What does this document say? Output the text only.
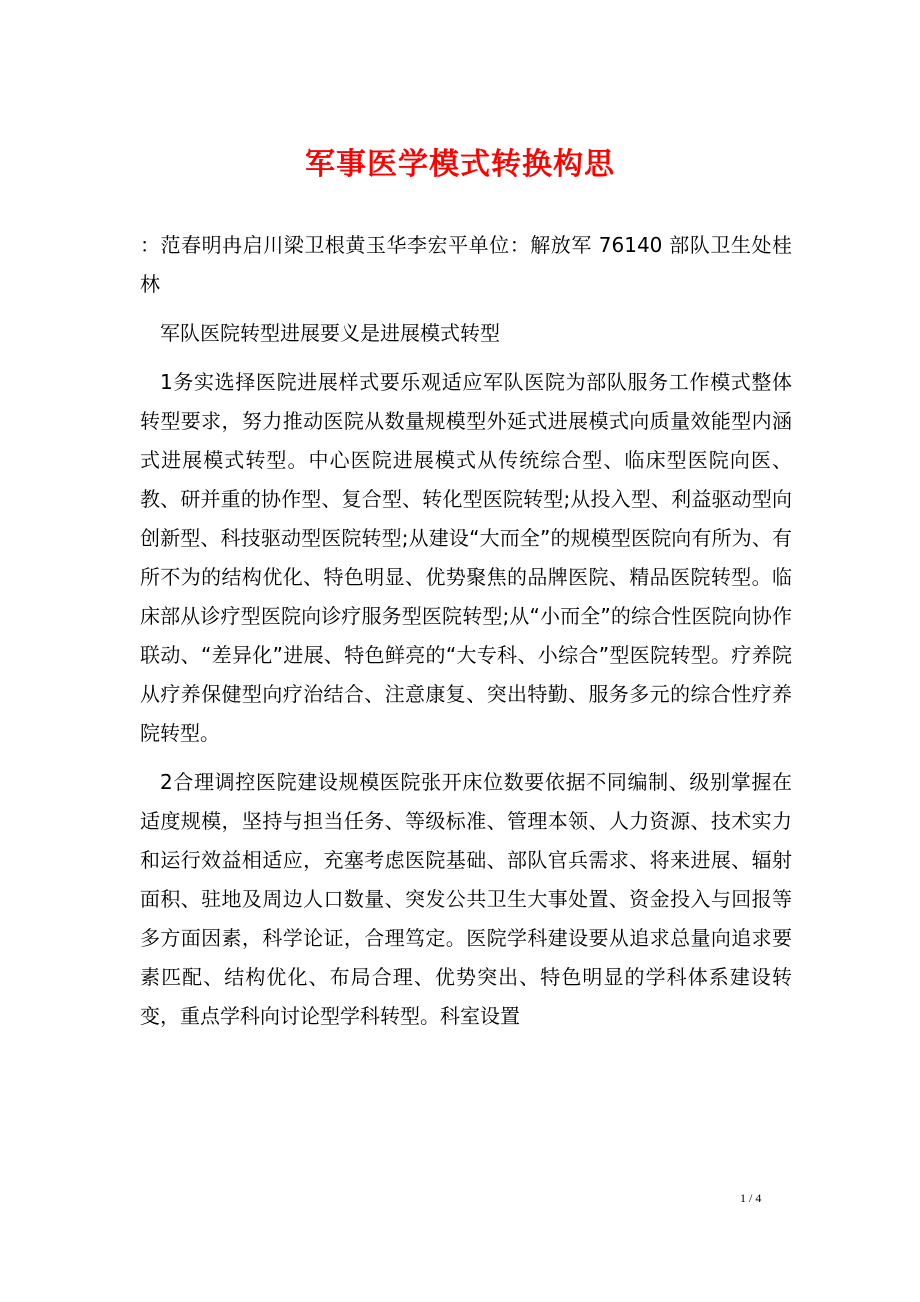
军事医学模式转换构思

：范春明冉启川梁卫根黄玉华李宏平单位：解放军 76140 部队卫生处桂林

军队医院转型进展要义是进展模式转型

1务实选择医院进展样式要乐观适应军队医院为部队服务工作模式整体转型要求，努力推动医院从数量规模型外延式进展模式向质量效能型内涵式进展模式转型。中心医院进展模式从传统综合型、临床型医院向医、教、研并重的协作型、复合型、转化型医院转型;从投入型、利益驱动型向创新型、科技驱动型医院转型;从建设“大而全”的规模型医院向有所为、有所不为的结构优化、特色明显、优势聚焦的品牌医院、精品医院转型。临床部从诊疗型医院向诊疗服务型医院转型;从“小而全”的综合性医院向协作联动、“差异化”进展、特色鲜亮的“大专科、小综合”型医院转型。疗养院从疗养保健型向疗治结合、注意康复、突出特勤、服务多元的综合性疗养院转型。

2合理调控医院建设规模医院张开床位数要依据不同编制、级别掌握在适度规模，坚持与担当任务、等级标准、管理本领、人力资源、技术实力和运行效益相适应，充塞考虑医院基础、部队官兵需求、将来进展、辐射面积、驻地及周边人口数量、突发公共卫生大事处置、资金投入与回报等多方面因素，科学论证，合理笃定。医院学科建设要从追求总量向追求要素匹配、结构优化、布局合理、优势突出、特色明显的学科体系建设转变，重点学科向讨论型学科转型。科室设置

1 / 4
